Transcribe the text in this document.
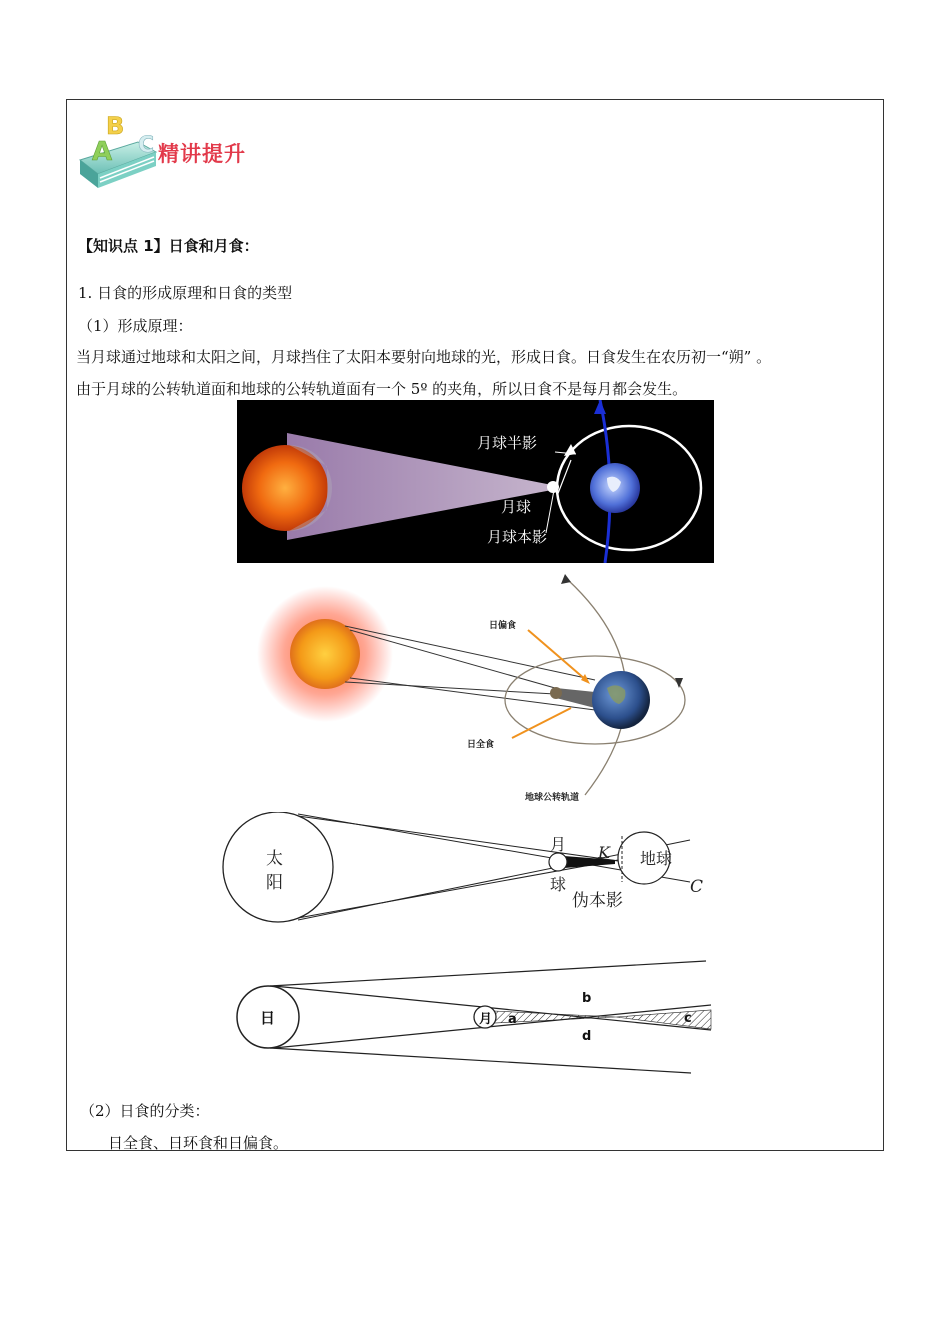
A
B
C 精讲提升
【知识点 1】日食和月食：
1. 日食的形成原理和日食的类型
（1）形成原理：
当月球通过地球和太阳之间，月球挡住了太阳本要射向地球的光，形成日食。日食发生在农历初一“朔” 。
由于月球的公转轨道面和地球的公转轨道面有一个 5º 的夹角，所以日食不是每月都会发生。
月球半影
月球
月球本影
日偏食
日全食
地球公转轨道
太
阳
月
球
K 地球
伪本影
C
日	月 a
b
c
d
（2）日食的分类：
日全食、日环食和日偏食。
